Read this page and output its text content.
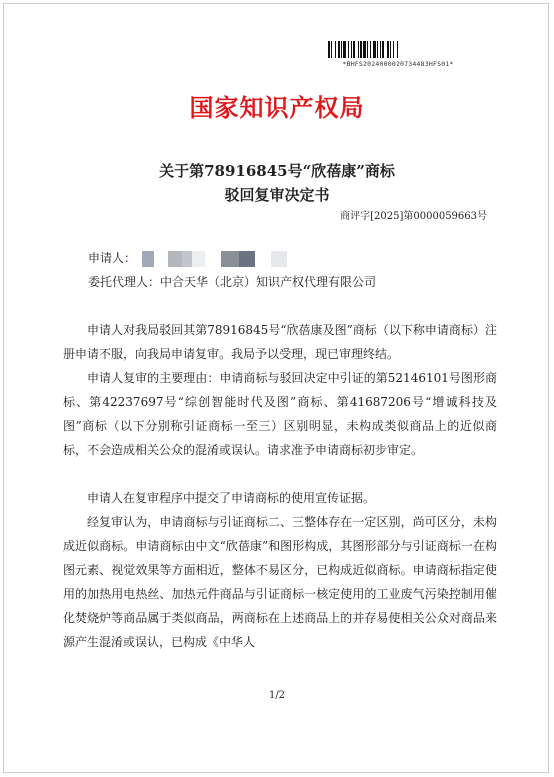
*BHFS2024000020734483HFS01*
国家知识产权局
关于第78916845号“欣蓓康”商标
驳回复审决定书
商评字[2025]第0000059663号
申请人：
委托代理人：中合天华（北京）知识产权代理有限公司

申请人对我局驳回其第78916845号“欣蓓康及图”商标（以下称申请商标）注册申请不服，向我局申请复审。我局予以受理，现已审理终结。

申请人复审的主要理由：申请商标与驳回决定中引证的第52146101号图形商标、第42237697号“综创智能时代及图”商标、第41687206号“增诚科技及图”商标（以下分别称引证商标一至三）区别明显，未构成类似商品上的近似商标，不会造成相关公众的混淆或误认。请求准予申请商标初步审定。

申请人在复审程序中提交了申请商标的使用宣传证据。

经复审认为，申请商标与引证商标二、三整体存在一定区别，尚可区分，未构成近似商标。申请商标由中文“欣蓓康”和图形构成，其图形部分与引证商标一在构图元素、视觉效果等方面相近，整体不易区分，已构成近似商标。申请商标指定使用的加热用电热丝、加热元件商品与引证商标一核定使用的工业废气污染控制用催化焚烧炉等商品属于类似商品，两商标在上述商品上的并存易使相关公众对商品来源产生混淆或误认，已构成《中华人

1/2
